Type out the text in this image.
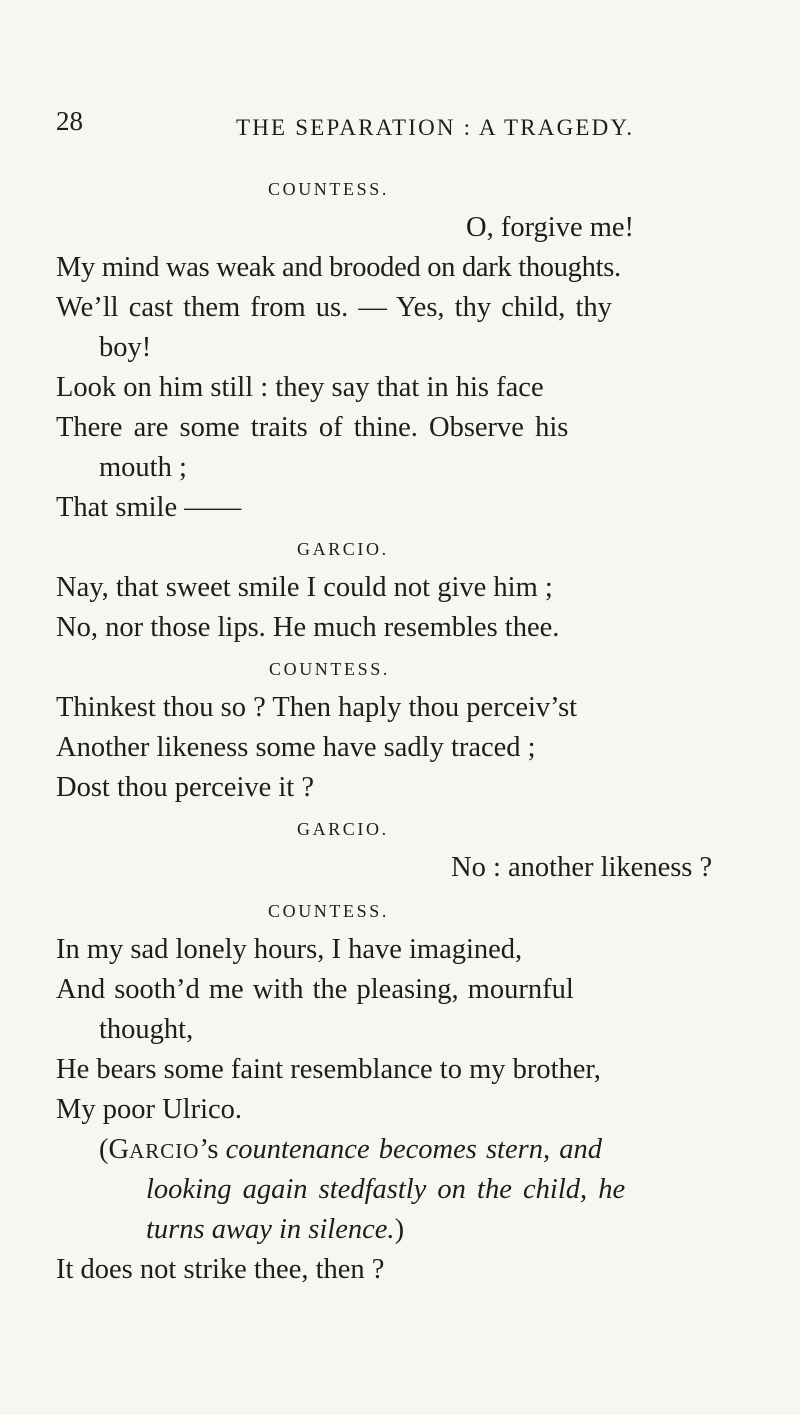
28	THE SEPARATION : A TRAGEDY.
COUNTESS.
O, forgive me!
My mind was weak and brooded on dark thoughts.
We’ll cast them from us. — Yes, thy child, thy
boy!
Look on him still : they say that in his face
There are some traits of thine. Observe his
mouth ;
That smile ——
GARCIO.
Nay, that sweet smile I could not give him ;
No, nor those lips. He much resembles thee.
COUNTESS.
Thinkest thou so ? Then haply thou perceiv’st
Another likeness some have sadly traced ;
Dost thou perceive it ?
GARCIO.
No : another likeness ?
COUNTESS.
In my sad lonely hours, I have imagined,
And sooth’d me with the pleasing, mournful
thought,
He bears some faint resemblance to my brother,
My poor Ulrico.
(GARCIO’s countenance becomes stern, and
looking again stedfastly on the child, he
turns away in silence.)
It does not strike thee, then ?
